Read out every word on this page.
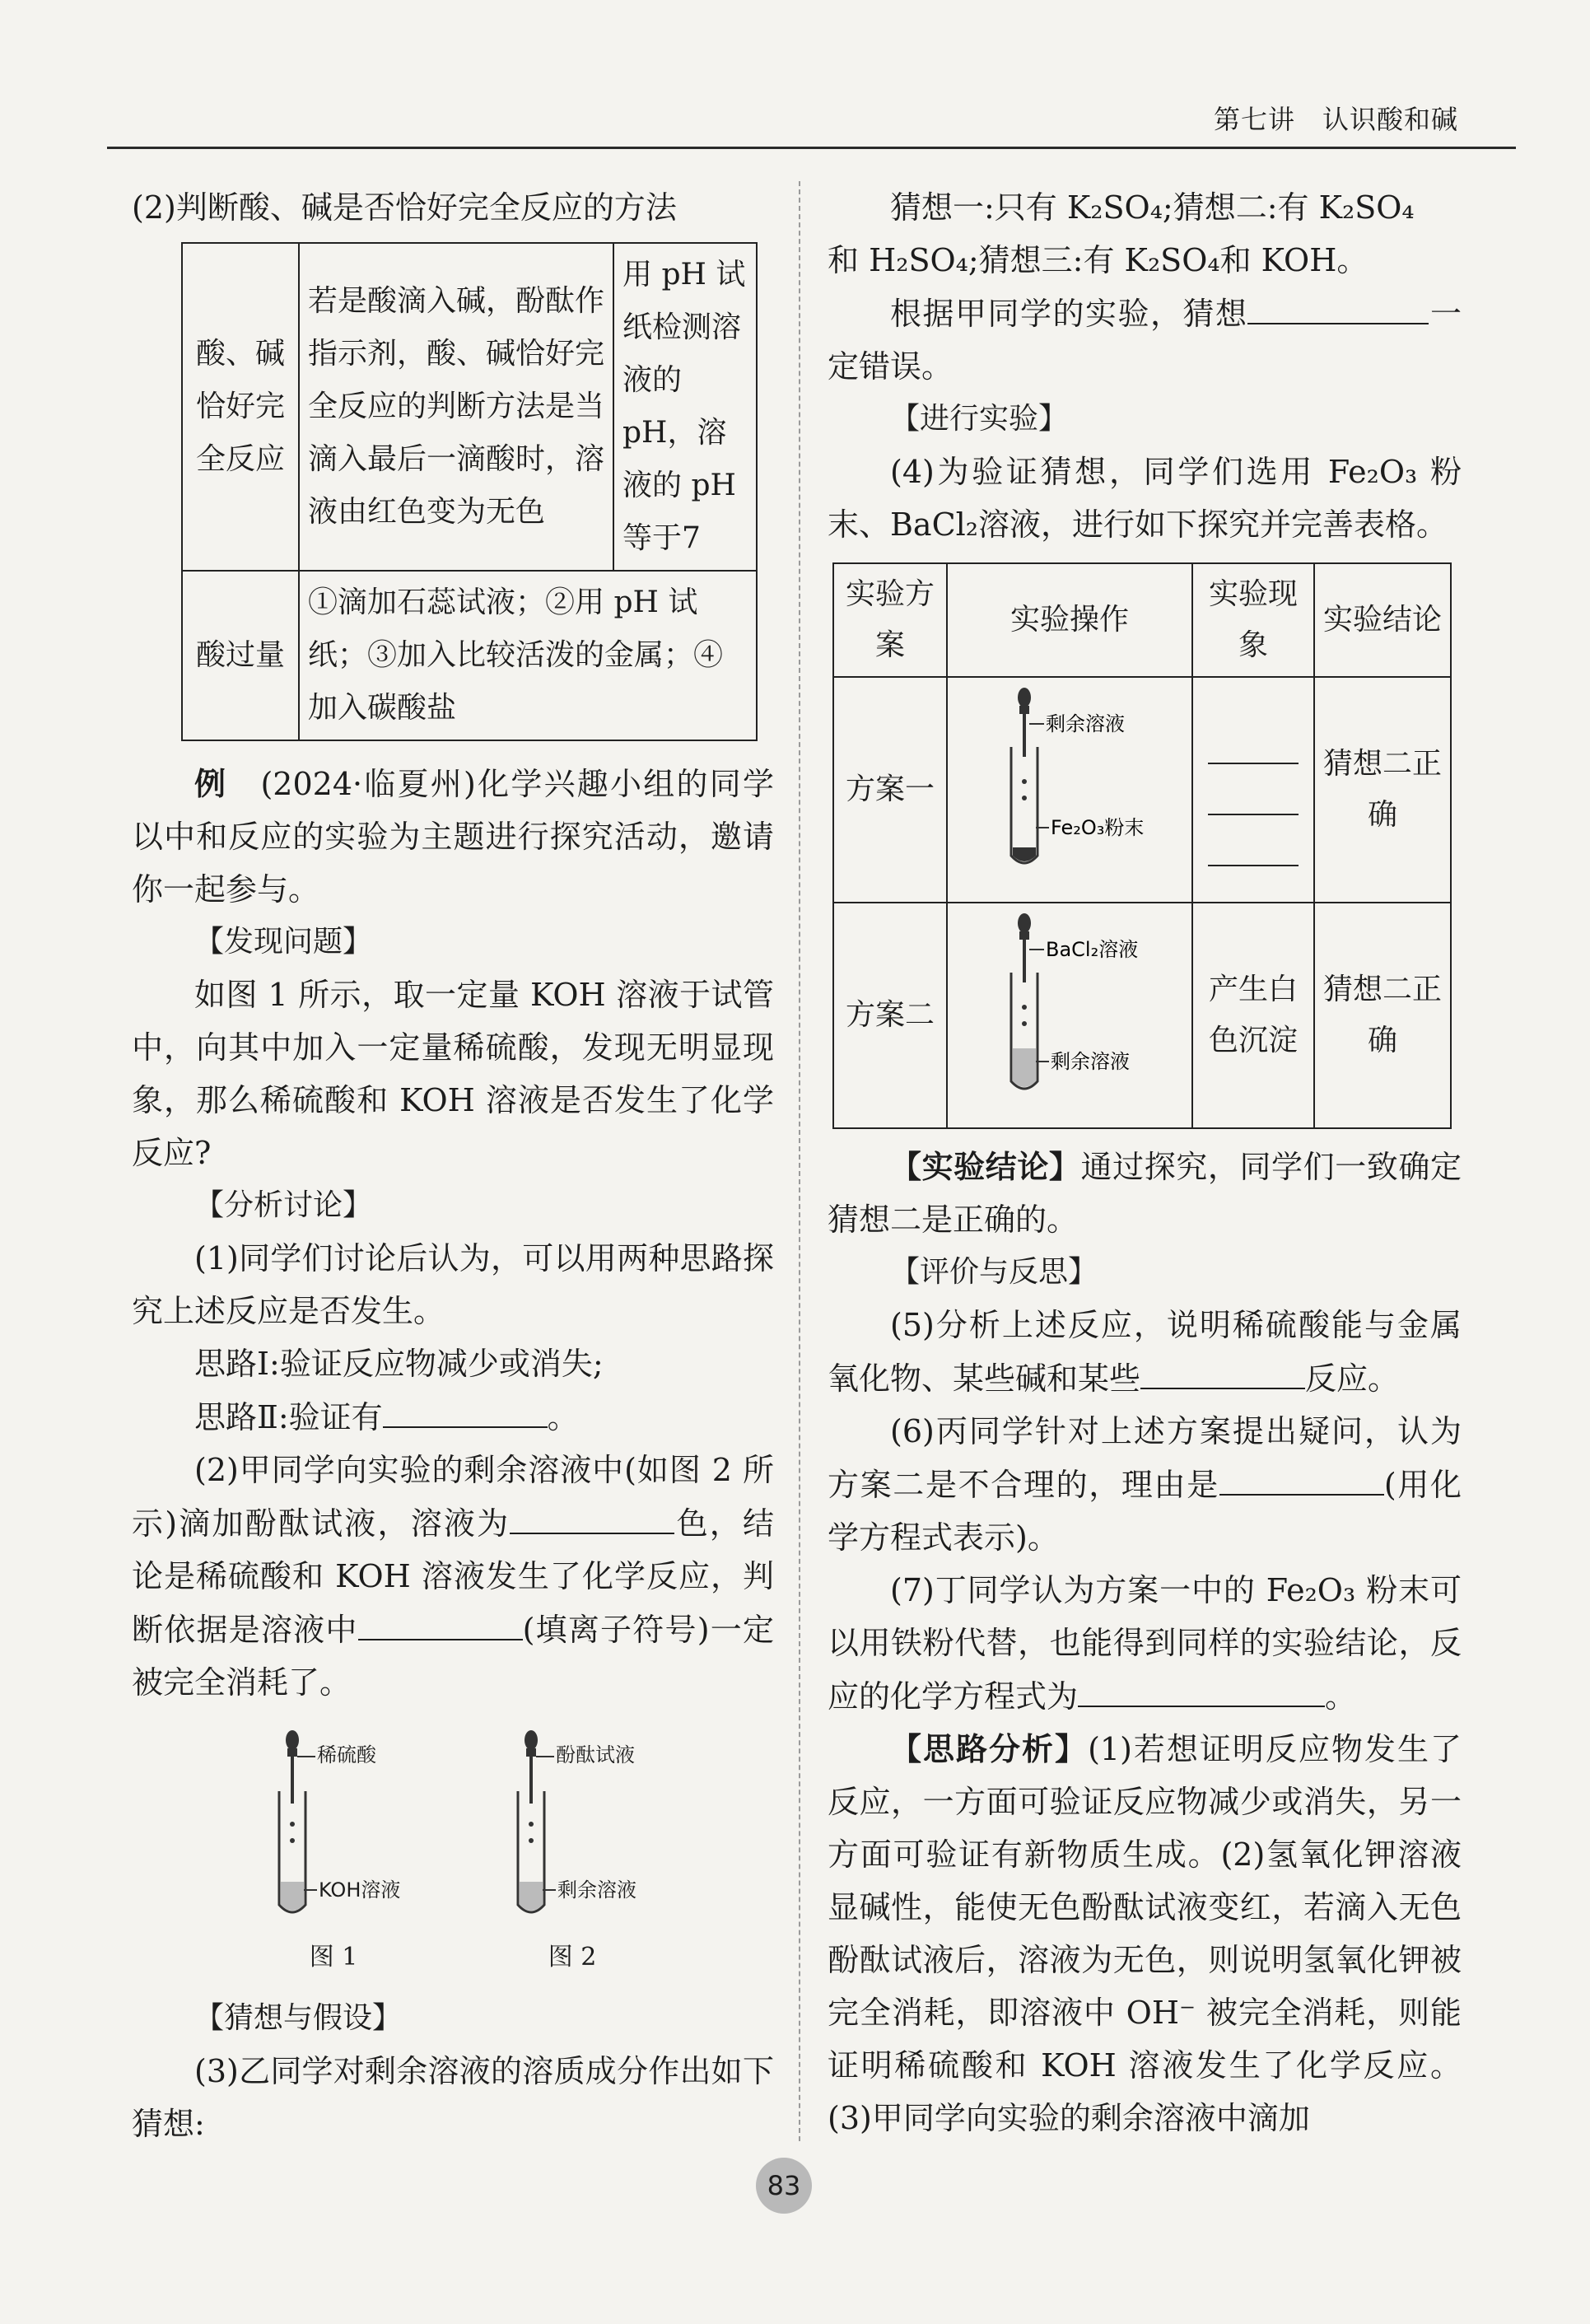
第七讲　认识酸和碱

(2)判断酸、碱是否恰好完全反应的方法

酸、碱恰好完全反应	若是酸滴入碱，酚酞作指示剂，酸、碱恰好完全反应的判断方法是当滴入最后一滴酸时，溶液由红色变为无色	用 pH 试纸检测溶液的pH，溶液的 pH 等于7
酸过量	①滴加石蕊试液；②用 pH 试纸；③加入比较活泼的金属；④加入碳酸盐	

例　(2024·临夏州)化学兴趣小组的同学以中和反应的实验为主题进行探究活动，邀请你一起参与。

【发现问题】

如图 1 所示，取一定量 KOH 溶液于试管中，向其中加入一定量稀硫酸，发现无明显现象，那么稀硫酸和 KOH 溶液是否发生了化学反应?

【分析讨论】

(1)同学们讨论后认为，可以用两种思路探究上述反应是否发生。

思路Ⅰ:验证反应物减少或消失;

思路Ⅱ:验证有	。

(2)甲同学向实验的剩余溶液中(如图 2 所示)滴加酚酞试液，溶液为	色，结论是稀硫酸和 KOH 溶液发生了化学反应，判断依据是溶液中	(填离子符号)一定被完全消耗了。

稀硫酸
KOH溶液
图 1
酚酞试液
剩余溶液
图 2

【猜想与假设】

(3)乙同学对剩余溶液的溶质成分作出如下猜想:

猜想一:只有 K₂SO₄;猜想二:有 K₂SO₄

和 H₂SO₄;猜想三:有 K₂SO₄和 KOH。

根据甲同学的实验，猜想	一定错误。

【进行实验】

(4)为验证猜想，同学们选用 Fe₂O₃ 粉末、BaCl₂溶液，进行如下探究并完善表格。

实验方案	实验操作	实验现象	实验结论
方案一	剩余溶液
Fe₂O₃粉末		猜想二正确
方案二	BaCl₂溶液
剩余溶液	产生白色沉淀	猜想二正确

【实验结论】通过探究，同学们一致确定猜想二是正确的。

【评价与反思】

(5)分析上述反应，说明稀硫酸能与金属氧化物、某些碱和某些	反应。

(6)丙同学针对上述方案提出疑问，认为方案二是不合理的，理由是	(用化学方程式表示)。

(7)丁同学认为方案一中的 Fe₂O₃ 粉末可以用铁粉代替，也能得到同样的实验结论，反应的化学方程式为	。

【思路分析】(1)若想证明反应物发生了反应，一方面可验证反应物减少或消失，另一方面可验证有新物质生成。(2)氢氧化钾溶液显碱性，能使无色酚酞试液变红，若滴入无色酚酞试液后，溶液为无色，则说明氢氧化钾被完全消耗，即溶液中 OH⁻ 被完全消耗，则能证明稀硫酸和 KOH 溶液发生了化学反应。(3)甲同学向实验的剩余溶液中滴加

83
